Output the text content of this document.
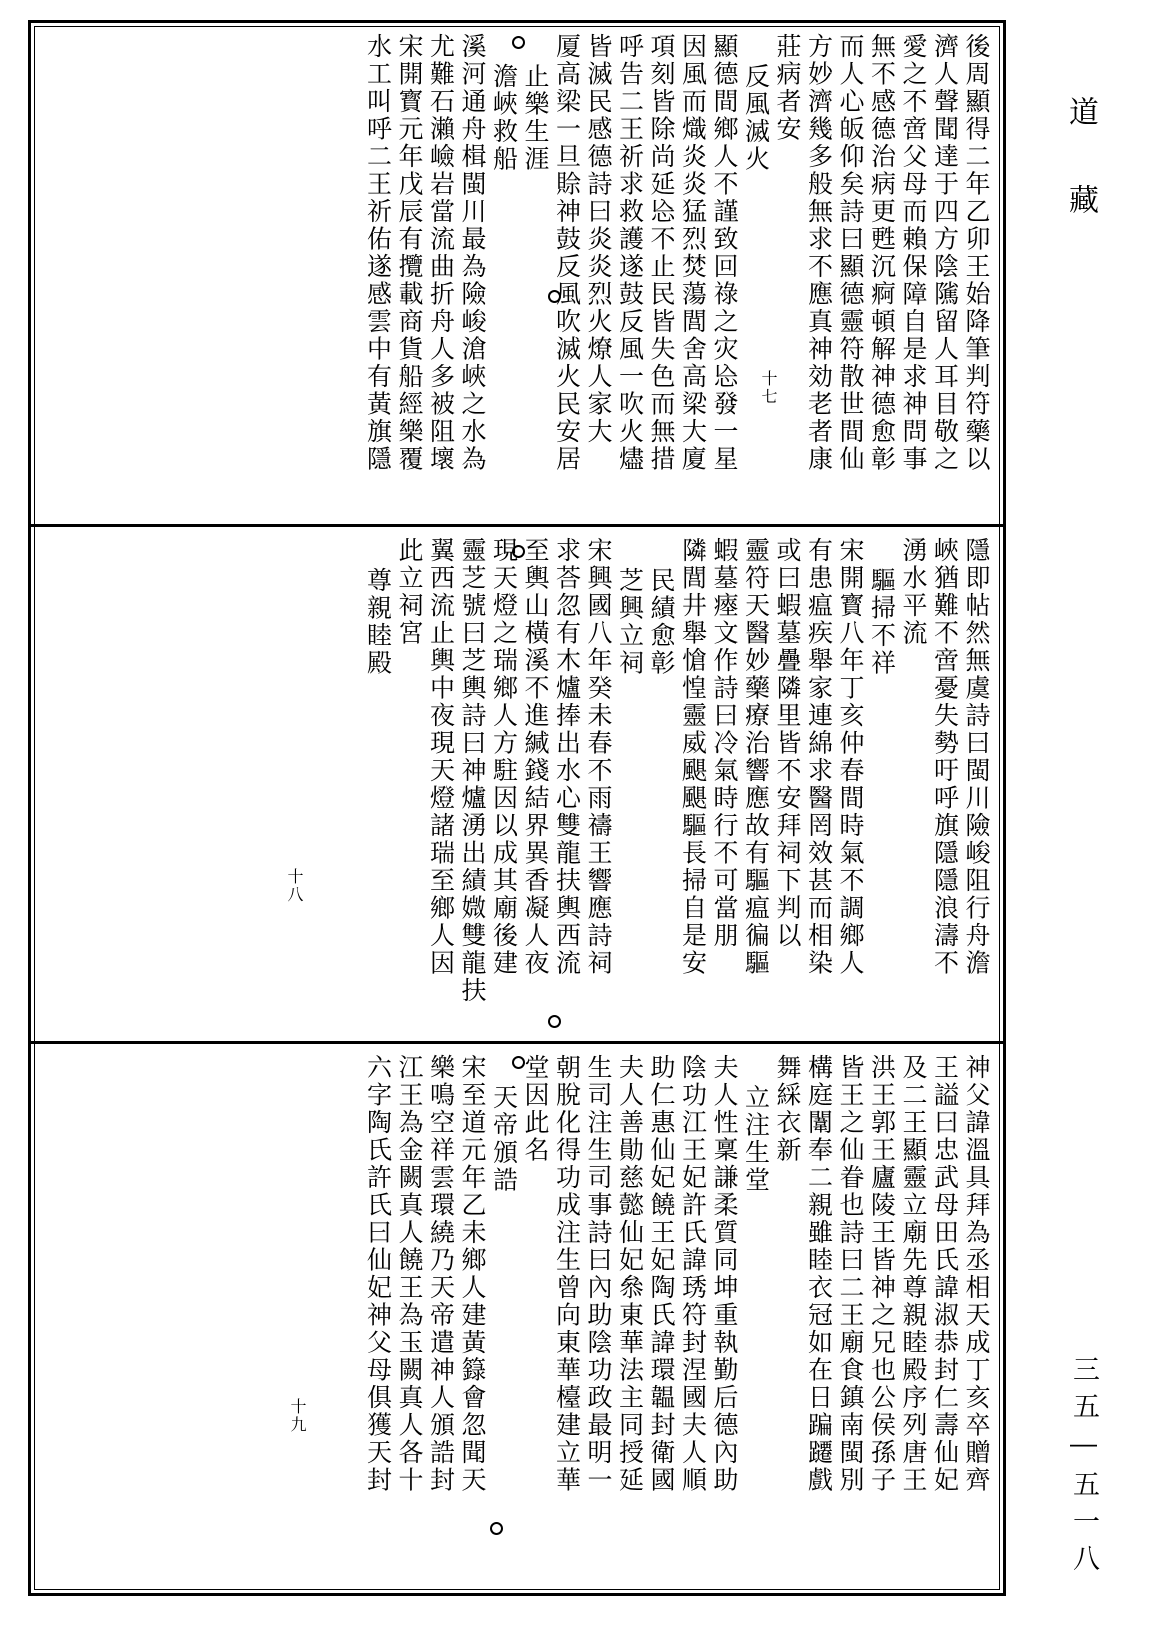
後周顯得二年乙卯王始降筆判符藥以
濟人聲聞達于四方陰隲留人耳目敬之
愛之不啻父母而賴保障自是求神問事
無不感德治病更甦沉痾頓解神德愈彰
而人心皈仰矣詩曰顯德靈符散世間仙
方妙濟幾多般無求不應真神効老者康
莊病者安
反風滅火
顯德間鄉人不謹致回祿之灾㤀發一星
因風而熾炎炎猛烈焚蕩閭舍高梁大廈
項刻皆除尚延㤀不止民皆失色而無措
呼告二王祈求救護遂鼓反風一吹火燼
皆滅民感德詩曰炎炎烈火燎人家大
厦高梁一旦賒神鼓反風吹滅火民安居
止樂生涯
澹峽救船
溪河通舟楫閩川最為險峻滄峽之水為
尤難石瀨嶮岩當流曲折舟人多被阻壞
宋開寳元年戊辰有攬載商貨船經樂覆
水工叫呼二王祈佑遂感雲中有黃旗隱
隱即帖然無虞詩曰閩川險峻阻行舟澹
峽猶難不啻憂失勢吁呼旗隱隱浪濤不
湧水平流
驅掃不祥
宋開寳八年丁亥仲春間時氣不調鄉人
有患瘟疾舉家連綿求醫罔效甚而相染
或曰蝦墓疊隣里皆不安拜祠下判以
靈符天醫妙藥療治響應故有驅瘟徧驅
蝦墓瘞文作詩曰冷氣時行不可當朋
隣閭井舉愴惶靈威颶颶驅長掃自是安
民績愈彰
芝興立祠
宋興國八年癸未春不雨禱王響應詩祠
求荅忽有木爐捧出水心雙龍扶輿西流
至輿山橫溪不進緘錢結界異香凝人夜
現天燈之瑞鄉人方駐因以成其廟後建
靈芝號曰芝輿詩曰神爐湧出績媺雙龍扶
翼西流止輿中夜現天燈諸瑞至鄉人因
此立祠宮
尊親睦殿
神父諱溫具拜為丞相天成丁亥卒贈齊
王謚曰忠武母田氏諱淑恭封仁壽仙妃
及二王顯靈立廟先尊親睦殿序列唐王
洪王郭王廬陵王皆神之兄也公侯孫子
皆王之仙眷也詩曰二王廟食鎮南閩別
構庭闈奉二親雖睦衣冠如在日蹁躚戲
舞綵衣新
立注生堂
夫人性稟謙柔質同坤重執勤后德內助
陰功江王妃許氏諱琇符封涅國夫人順
助仁惠仙妃饒王妃陶氏諱環韞封衛國
夫人善勛慈懿仙妃叅東華法主同授延
生司注生司事詩曰內助陰功政最明一
朝脫化得功成注生曾向東華檯建立華
堂因此名
天帝頒誥
宋至道元年乙未鄉人建黃籙會忽聞天
樂鳴空祥雲環繞乃天帝遣神人頒誥封
江王為金闕真人饒王為玉闕真人各十
六字陶氏許氏曰仙妃神父母俱獲天封
十七
十八
十九
道藏
三五―五一八
